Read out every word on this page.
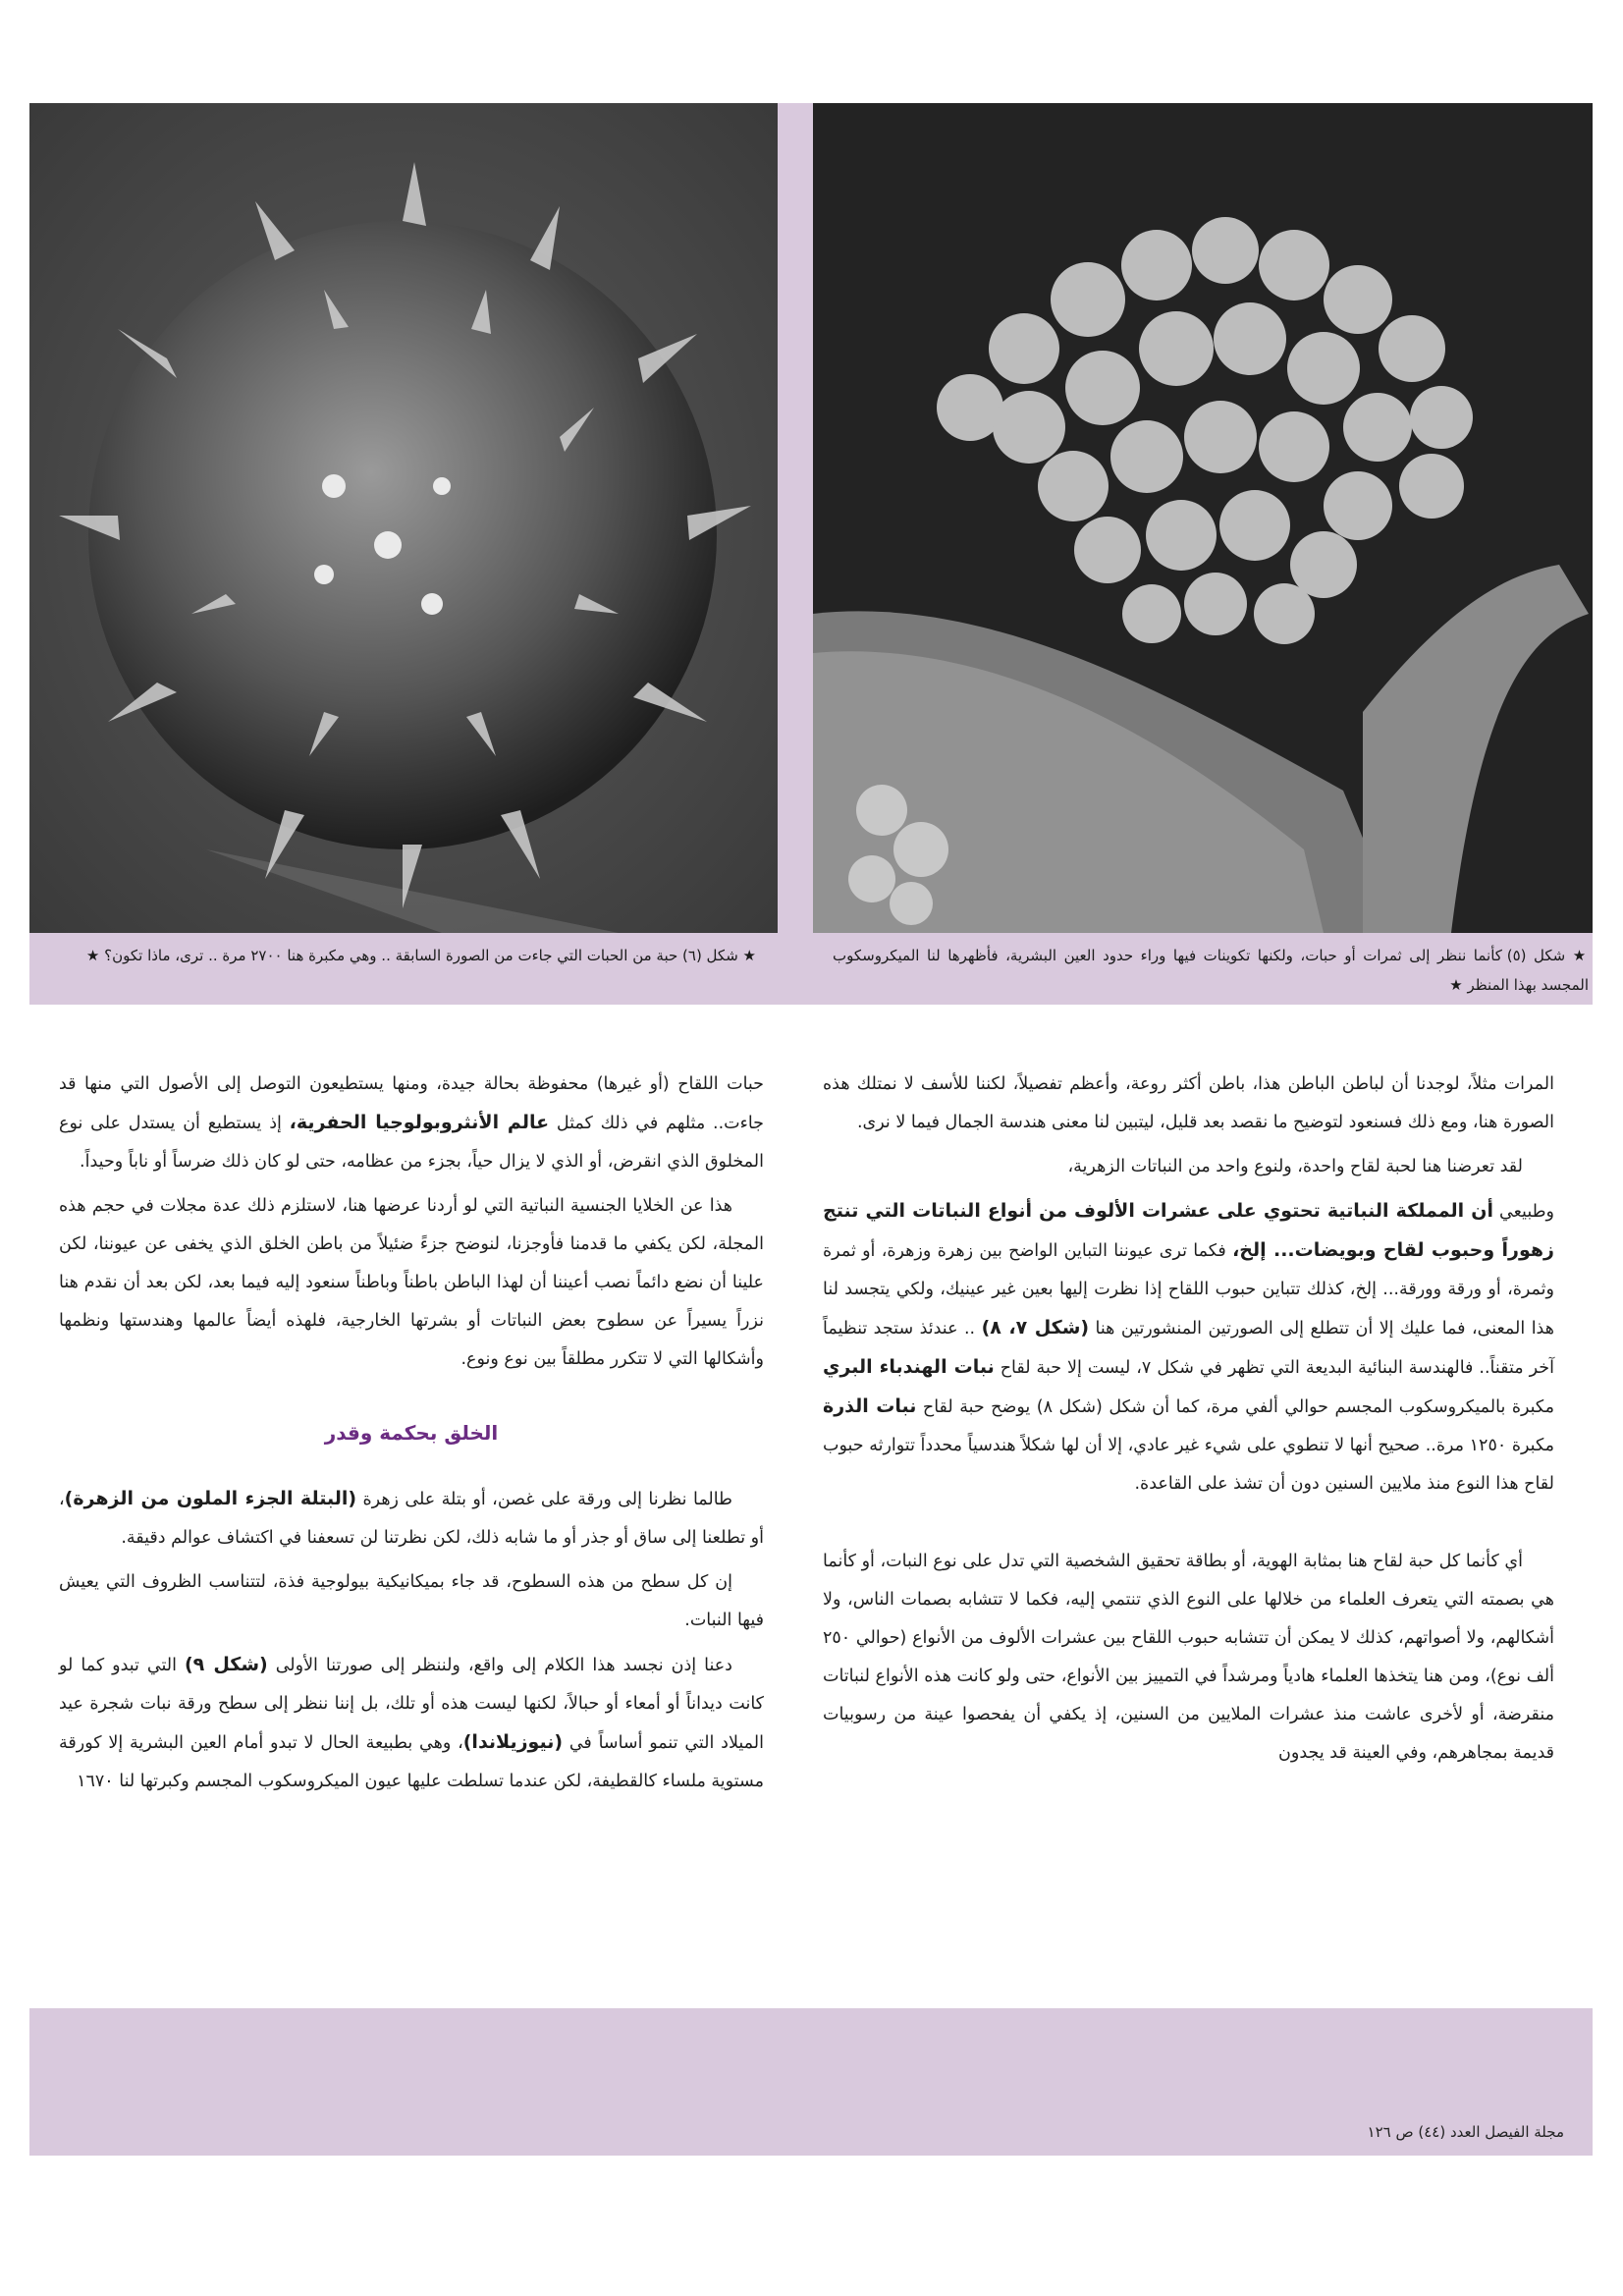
★ شكل (٦) حبة من الحبات التي جاءت من الصورة السابقة .. وهي مكبرة هنا ٢٧٠٠ مرة .. ترى، ماذا تكون؟ ★	★ شكل (٥) كأنما ننظر إلى ثمرات أو حبات، ولكنها تكوينات فيها وراء حدود العين البشرية، فأظهرها لنا الميكروسكوب المجسد بهذا المنظر ★

المرات مثلاً، لوجدنا أن لباطن الباطن هذا، باطن أكثر روعة، وأعظم تفصيلاً، لكننا للأسف لا نمتلك هذه الصورة هنا، ومع ذلك فسنعود لتوضيح ما نقصد بعد قليل، ليتبين لنا معنى هندسة الجمال فيما لا نرى.

لقد تعرضنا هنا لحبة لقاح واحدة، ولنوع واحد من النباتات الزهرية،

وطبيعي أن المملكة النباتية تحتوي على عشرات الألوف من أنواع النباتات التي تنتج زهوراً وحبوب لقاح وبويضات... إلخ، فكما ترى عيوننا التباين الواضح بين زهرة وزهرة، أو ثمرة وثمرة، أو ورقة وورقة... إلخ، كذلك تتباين حبوب اللقاح إذا نظرت إليها بعين غير عينيك، ولكي يتجسد لنا هذا المعنى، فما عليك إلا أن تتطلع إلى الصورتين المنشورتين هنا (شكل ٧، ٨) .. عندئذ ستجد تنظيماً آخر متقناً.. فالهندسة البنائية البديعة التي تظهر في شكل ٧، ليست إلا حبة لقاح نبات الهندباء البري مكبرة بالميكروسكوب المجسم حوالي ألفي مرة، كما أن شكل (شكل ٨) يوضح حبة لقاح نبات الذرة مكبرة ١٢٥٠ مرة.. صحيح أنها لا تنطوي على شيء غير عادي، إلا أن لها شكلاً هندسياً محدداً تتوارثه حبوب لقاح هذا النوع منذ ملايين السنين دون أن تشذ على القاعدة.

أي كأنما كل حبة لقاح هنا بمثابة الهوية، أو بطاقة تحقيق الشخصية التي تدل على نوع النبات، أو كأنما هي بصمته التي يتعرف العلماء من خلالها على النوع الذي تنتمي إليه، فكما لا تتشابه بصمات الناس، ولا أشكالهم، ولا أصواتهم، كذلك لا يمكن أن تتشابه حبوب اللقاح بين عشرات الألوف من الأنواع (حوالي ٢٥٠ ألف نوع)، ومن هنا يتخذها العلماء هادياً ومرشداً في التمييز بين الأنواع، حتى ولو كانت هذه الأنواع لنباتات منقرضة، أو لأخرى عاشت منذ عشرات الملايين من السنين، إذ يكفي أن يفحصوا عينة من رسوبيات قديمة بمجاهرهم، وفي العينة قد يجدون

حبات اللقاح (أو غيرها) محفوظة بحالة جيدة، ومنها يستطيعون التوصل إلى الأصول التي منها قد جاءت.. مثلهم في ذلك كمثل عالم الأنثروبولوجيا الحفرية، إذ يستطيع أن يستدل على نوع المخلوق الذي انقرض، أو الذي لا يزال حياً، بجزء من عظامه، حتى لو كان ذلك ضرساً أو ناباً وحيداً.

هذا عن الخلايا الجنسية النباتية التي لو أردنا عرضها هنا، لاستلزم ذلك عدة مجلات في حجم هذه المجلة، لكن يكفي ما قدمنا فأوجزنا، لنوضح جزءً ضئيلاً من باطن الخلق الذي يخفى عن عيوننا، لكن علينا أن نضع دائماً نصب أعيننا أن لهذا الباطن باطناً وباطناً سنعود إليه فيما بعد، لكن بعد أن نقدم هنا نزراً يسيراً عن سطوح بعض النباتات أو بشرتها الخارجية، فلهذه أيضاً عالمها وهندستها ونظمها وأشكالها التي لا تتكرر مطلقاً بين نوع ونوع.

الخلق بحكمة وقدر

طالما نظرنا إلى ورقة على غصن، أو بتلة على زهرة (البتلة الجزء الملون من الزهرة)، أو تطلعنا إلى ساق أو جذر أو ما شابه ذلك، لكن نظرتنا لن تسعفنا في اكتشاف عوالم دقيقة.

إن كل سطح من هذه السطوح، قد جاء بميكانيكية بيولوجية فذة، لتتناسب الظروف التي يعيش فيها النبات.

دعنا إذن نجسد هذا الكلام إلى واقع، ولننظر إلى صورتنا الأولى (شكل ٩) التي تبدو كما لو كانت ديداناً أو أمعاء أو حبالاً، لكنها ليست هذه أو تلك، بل إننا ننظر إلى سطح ورقة نبات شجرة عيد الميلاد التي تنمو أساساً في (نيوزيلاندا)، وهي بطبيعة الحال لا تبدو أمام العين البشرية إلا كورقة مستوية ملساء كالقطيفة، لكن عندما تسلطت عليها عيون الميكروسكوب المجسم وكبرتها لنا ١٦٧٠

مجلة الفيصل العدد (٤٤) ص ١٢٦
